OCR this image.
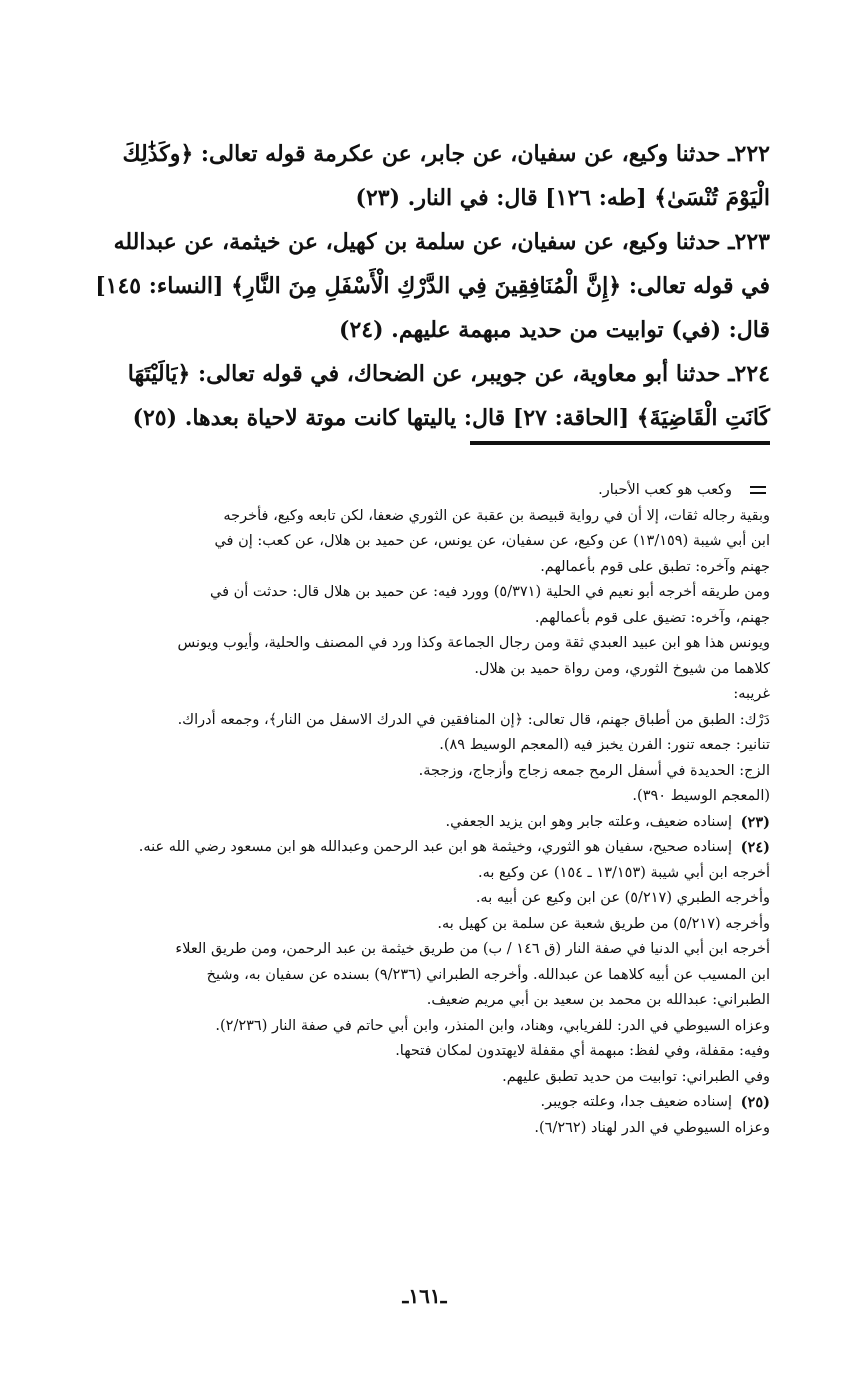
٢٢٢ـ حدثنا وكيع، عن سفيان، عن جابر، عن عكرمة قوله تعالى: ﴿وكَذَٰلِكَ
الْيَوْمَ تُنْسَىٰ﴾ [طه: ١٢٦] قال: في النار. (٢٣)
٢٢٣ـ حدثنا وكيع، عن سفيان، عن سلمة بن كهيل، عن خيثمة، عن عبدالله
في قوله تعالى: ﴿إِنَّ الْمُنَافِقِينَ فِي الدَّرْكِ الْأَسْفَلِ مِنَ النَّارِ﴾ [النساء: ١٤٥]
قال: (في) توابيت من حديد مبهمة عليهم. (٢٤)
٢٢٤ـ حدثنا أبو معاوية، عن جويبر، عن الضحاك، في قوله تعالى: ﴿يَالَيْتَهَا
كَانَتِ الْقَاضِيَةَ﴾ [الحاقة: ٢٧] قال: ياليتها كانت موتة لاحياة بعدها. (٢٥)
وكعب هو كعب الأحبار.
وبقية رجاله ثقات، إلا أن في رواية قبيصة بن عقبة عن الثوري ضعفا، لكن تابعه وكيع، فأخرجه
ابن أبي شيبة (١٣/١٥٩) عن وكيع، عن سفيان، عن يونس، عن حميد بن هلال، عن كعب: إن في
جهنم وآخره: تطبق على قوم بأعمالهم.
ومن طريقه أخرجه أبو نعيم في الحلية (٥/٣٧١) وورد فيه: عن حميد بن هلال قال: حدثت أن في
جهنم، وآخره: تضيق على قوم بأعمالهم.
ويونس هذا هو ابن عبيد العبدي ثقة ومن رجال الجماعة وكذا ورد في المصنف والحلية، وأيوب ويونس
كلاهما من شيوخ الثوري، ومن رواة حميد بن هلال.
غريبه:
دَرْك: الطبق من أطباق جهنم، قال تعالى: ﴿إن المنافقين في الدرك الاسفل من النار﴾، وجمعه أدراك.
تنانير: جمعه تنور: الفرن يخبز فيه (المعجم الوسيط ٨٩).
الزج: الحديدة في أسفل الرمح جمعه زجاج وأزجاج، وزججة.
(المعجم الوسيط ٣٩٠).
(٢٣)
إسناده ضعيف، وعلته جابر وهو ابن يزيد الجعفي.
(٢٤)
إسناده صحيح، سفيان هو الثوري، وخيثمة هو ابن عبد الرحمن وعبدالله هو ابن مسعود رضي الله عنه.
أخرجه ابن أبي شيبة (١٣/١٥٣ ـ ١٥٤) عن وكيع به.
وأخرجه الطبري (٥/٢١٧) عن ابن وكيع عن أبيه به.
وأخرجه (٥/٢١٧) من طريق شعبة عن سلمة بن كهيل به.
أخرجه ابن أبي الدنيا في صفة النار (ق ١٤٦ / ب) من طريق خيثمة بن عبد الرحمن، ومن طريق العلاء
ابن المسيب عن أبيه كلاهما عن عبدالله. وأخرجه الطبراني (٩/٢٣٦) بسنده عن سفيان به، وشيخ
الطبراني: عبدالله بن محمد بن سعيد بن أبي مريم ضعيف.
وعزاه السيوطي في الدر: للفريابي، وهناد، وابن المنذر، وابن أبي حاتم في صفة النار (٢/٢٣٦).
وفيه: مقفلة، وفي لفظ: مبهمة أي مقفلة لايهتدون لمكان فتحها.
وفي الطبراني: توابيت من حديد تطبق عليهم.
(٢٥)
إسناده ضعيف جدا، وعلته جويبر.
وعزاه السيوطي في الدر لهناد (٦/٢٦٢).
ـ١٦١ـ
